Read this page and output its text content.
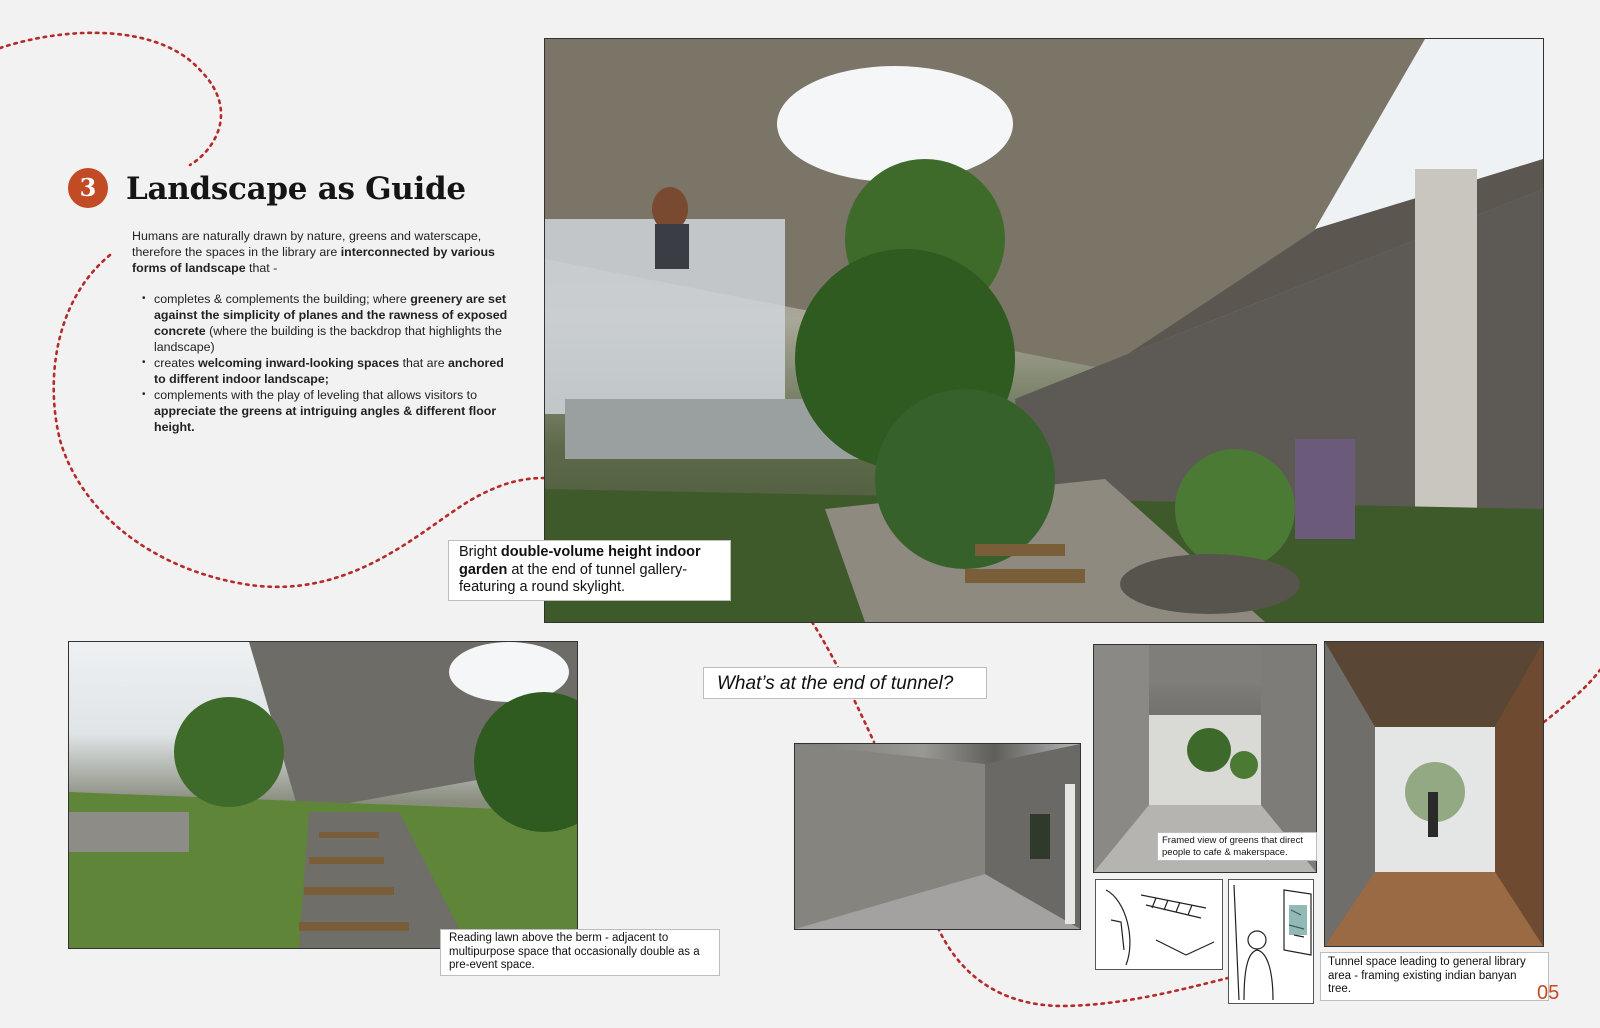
3 Landscape as Guide
Humans are naturally drawn by nature, greens and waterscape, therefore the spaces in the library are interconnected by various forms of landscape that -
• completes & complements the building; where greenery are set against the simplicity of planes and the rawness of exposed concrete (where the building is the backdrop that highlights the landscape)
• creates welcoming inward-looking spaces that are anchored to different indoor landscape;
• complements with the play of leveling that allows visitors to appreciate the greens at intriguing angles & different floor height.
Bright double-volume height indoor garden at the end of tunnel gallery- featuring a round skylight.
Reading lawn above the berm - adjacent to multipurpose space that occasionally double as a pre-event space.
Framed view of greens that direct people to cafe & makerspace.
Tunnel space leading to general library area - framing existing indian banyan tree.
What’s at the end of tunnel?
05
